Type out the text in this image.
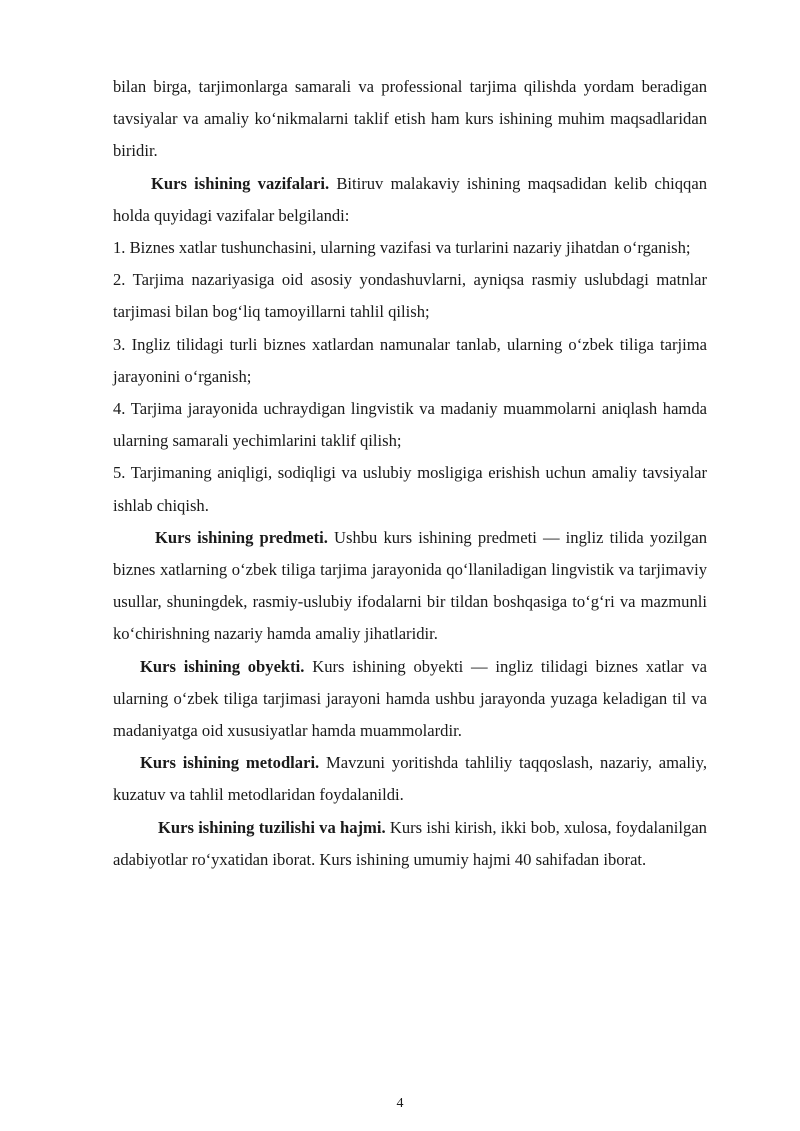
bilan birga, tarjimonlarga samarali va professional tarjima qilishda yordam beradigan tavsiyalar va amaliy ko‘nikmalarni taklif etish ham kurs ishining muhim maqsadlaridan biridir.

Kurs ishining vazifalari. Bitiruv malakaviy ishining maqsadidan kelib chiqqan holda quyidagi vazifalar belgilandi:

1. Biznes xatlar tushunchasini, ularning vazifasi va turlarini nazariy jihatdan o‘rganish;

2. Tarjima nazariyasiga oid asosiy yondashuvlarni, ayniqsa rasmiy uslubdagi matnlar tarjimasi bilan bog‘liq tamoyillarni tahlil qilish;

3. Ingliz tilidagi turli biznes xatlardan namunalar tanlab, ularning o‘zbek tiliga tarjima jarayonini o‘rganish;

4. Tarjima jarayonida uchraydigan lingvistik va madaniy muammolarni aniqlash hamda ularning samarali yechimlarini taklif qilish;

5. Tarjimaning aniqligi, sodiqligi va uslubiy mosligiga erishish uchun amaliy tavsiyalar ishlab chiqish.

Kurs ishining predmeti. Ushbu kurs ishining predmeti — ingliz tilida yozilgan biznes xatlarning o‘zbek tiliga tarjima jarayonida qo‘llaniladigan lingvistik va tarjimaviy usullar, shuningdek, rasmiy-uslubiy ifodalarni bir tildan boshqasiga to‘g‘ri va mazmunli ko‘chirishning nazariy hamda amaliy jihatlaridir.

Kurs ishining obyekti. Kurs ishining obyekti — ingliz tilidagi biznes xatlar va ularning o‘zbek tiliga tarjimasi jarayoni hamda ushbu jarayonda yuzaga keladigan til va madaniyatga oid xususiyatlar hamda muammolardir.

Kurs ishining metodlari. Mavzuni yoritishda tahliliy taqqoslash, nazariy, amaliy, kuzatuv va tahlil metodlaridan foydalanildi.

Kurs ishining tuzilishi va hajmi. Kurs ishi kirish, ikki bob, xulosa, foydalanilgan adabiyotlar ro‘yxatidan iborat. Kurs ishining umumiy hajmi 40 sahifadan iborat.

4
